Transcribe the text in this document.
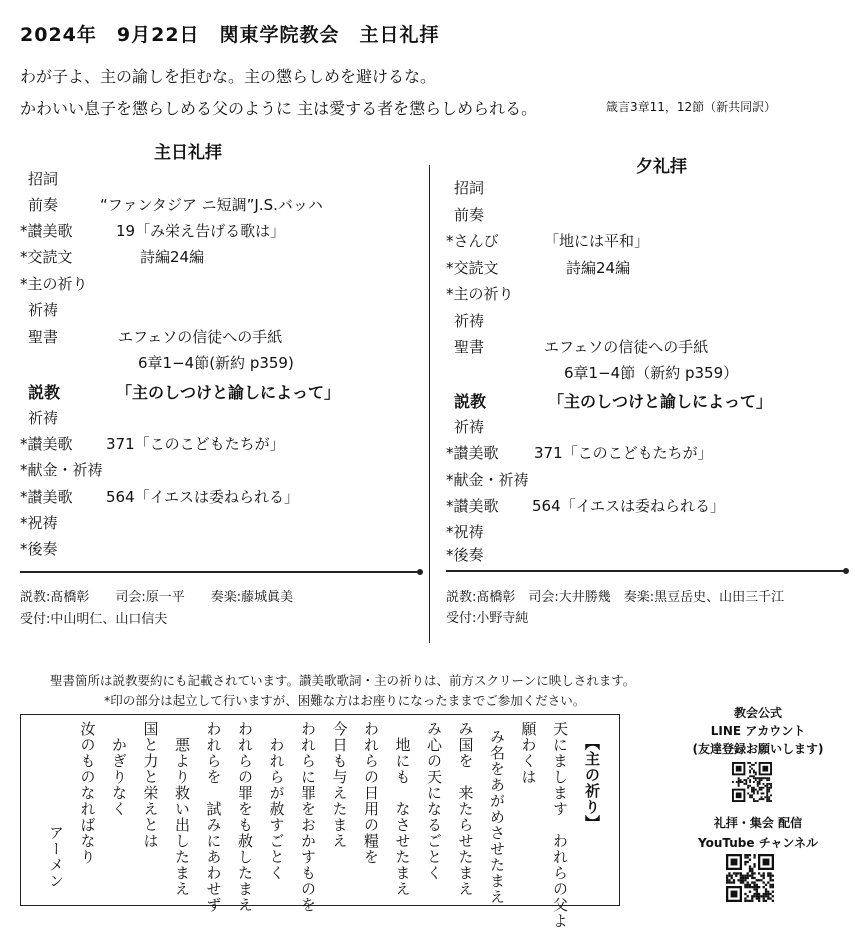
2024年　9月22日　関東学院教会　主日礼拝
わが子よ、主の諭しを拒むな。主の懲らしめを避けるな。
かわいい息子を懲らしめる父のように 主は愛する者を懲らしめられる。	箴言3章11，12節（新共同訳）
主日礼拝
招詞
前奏	“ファンタジア ニ短調”J.S.バッハ
*讃美歌	19「み栄え告げる歌は」
*交読文	詩編24編
*主の祈り
祈祷
聖書	エフェソの信徒への手紙
6章1−4節(新約 p359)
説教	「主のしつけと諭しによって」
祈祷
*讃美歌 371「このこどもたちが」
*献金・祈祷
*讃美歌 564「イエスは委ねられる」
*祝祷
*後奏
説教:髙橋彰　　司会:原一平　　奏楽:藤城眞美
受付:中山明仁、山口信夫
夕礼拝
招詞
前奏
*さんび	「地には平和」
*交読文	詩編24編
*主の祈り
祈祷
聖書	エフェソの信徒への手紙
6章1−4節（新約 p359）
説教	「主のしつけと諭しによって」
祈祷
*讃美歌 371「このこどもたちが」
*献金・祈祷
*讃美歌 564「イエスは委ねられる」
*祝祷
*後奏
説教:髙橋彰　司会:大井勝幾　奏楽:黒豆岳史、山田三千江
受付:小野寺純
聖書箇所は説教要約にも記載されています。讃美歌歌詞・主の祈りは、前方スクリーンに映しされます。
*印の部分は起立して行いますが、困難な方はお座りになったままでご参加ください。
【主の祈り】
天にまします　われらの父よ
願わくは
み名をあがめさせたまえ
み国を　来たらせたまえ
み心の天になるごとく
地にも　なさせたまえ
われらの日用の糧を
今日も与えたまえ
われらに罪をおかすものを
われらが赦すごとく
われらの罪をも赦したまえ
われらを　試みにあわせず
悪より救い出したまえ
国と力と栄えとは
かぎりなく
汝のものなればなり
アーメン
教会公式
LINE アカウント
(友達登録お願いします)
礼拝・集会 配信
YouTube チャンネル
